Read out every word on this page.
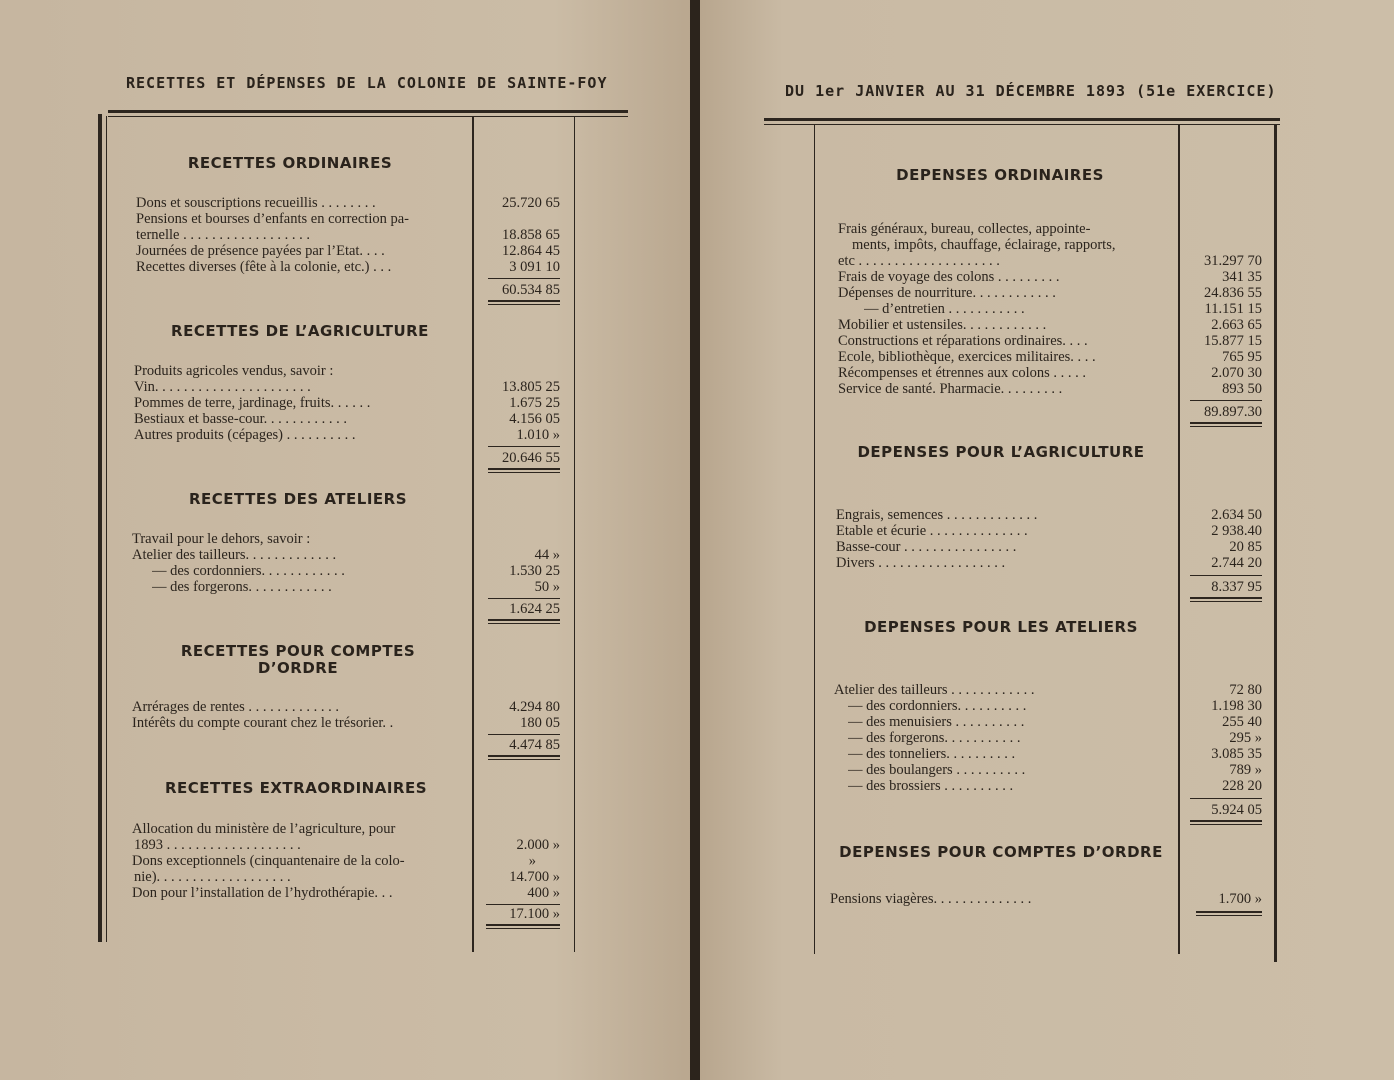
RECETTES ET DÉPENSES DE LA COLONIE DE SAINTE-FOY
RECETTES ORDINAIRES
Dons et souscriptions recueillis . . . . . . . .	25.720 65
Pensions et bourses d’enfants en correction pa-
ternelle . . . . . . . . . . . . . . . . . .	18.858 65
Journées de présence payées par l’Etat. . . .	12.864 45
Recettes diverses (fête à la colonie, etc.) . . .	3 091 10
60.534 85
RECETTES DE L’AGRICULTURE
Produits agricoles vendus, savoir :
Vin. . . . . . . . . . . . . . . . . . . . . .	13.805 25
Pommes de terre, jardinage, fruits. . . . . .	1.675 25
Bestiaux et basse-cour. . . . . . . . . . . .	4.156 05
Autres produits (cépages) . . . . . . . . . .	1.010 »
20.646 55
RECETTES DES ATELIERS
Travail pour le dehors, savoir :
Atelier des tailleurs. . . . . . . . . . . . .	44 »
— des cordonniers. . . . . . . . . . . .	1.530 25
— des forgerons. . . . . . . . . . . .	50 »
1.624 25
RECETTES POUR COMPTES D’ORDRE
Arrérages de rentes . . . . . . . . . . . . .	4.294 80
Intérêts du compte courant chez le trésorier. .	180 05
4.474 85
RECETTES EXTRAORDINAIRES
Allocation du ministère de l’agriculture, pour
1893 . . . . . . . . . . . . . . . . . . .	2.000 »
Dons exceptionnels (cinquantenaire de la colo-	»
nie). . . . . . . . . . . . . . . . . . .	14.700 »
Don pour l’installation de l’hydrothérapie. . .	400 »
17.100 »
DU 1er JANVIER AU 31 DÉCEMBRE 1893 (51e EXERCICE)
DEPENSES ORDINAIRES
Frais généraux, bureau, collectes, appointe-
ments, impôts, chauffage, éclairage, rapports,
etc . . . . . . . . . . . . . . . . . . . .	31.297 70
Frais de voyage des colons . . . . . . . . .	341 35
Dépenses de nourriture. . . . . . . . . . . .	24.836 55
— d’entretien . . . . . . . . . . .	11.151 15
Mobilier et ustensiles. . . . . . . . . . . .	2.663 65
Constructions et réparations ordinaires. . . .	15.877 15
Ecole, bibliothèque, exercices militaires. . . .	765 95
Récompenses et étrennes aux colons . . . . .	2.070 30
Service de santé. Pharmacie. . . . . . . . .	893 50
89.897.30
DEPENSES POUR L’AGRICULTURE
Engrais, semences . . . . . . . . . . . . .	2.634 50
Etable et écurie . . . . . . . . . . . . . .	2 938.40
Basse-cour . . . . . . . . . . . . . . . .	20 85
Divers . . . . . . . . . . . . . . . . . .	2.744 20
8.337 95
DEPENSES POUR LES ATELIERS
Atelier des tailleurs . . . . . . . . . . . .	72 80
— des cordonniers. . . . . . . . . .	1.198 30
— des menuisiers . . . . . . . . . .	255 40
— des forgerons. . . . . . . . . . .	295 »
— des tonneliers. . . . . . . . . .	3.085 35
— des boulangers . . . . . . . . . .	789 »
— des brossiers . . . . . . . . . .	228 20
5.924 05
DEPENSES POUR COMPTES D’ORDRE
Pensions viagères. . . . . . . . . . . . . .	1.700 »
